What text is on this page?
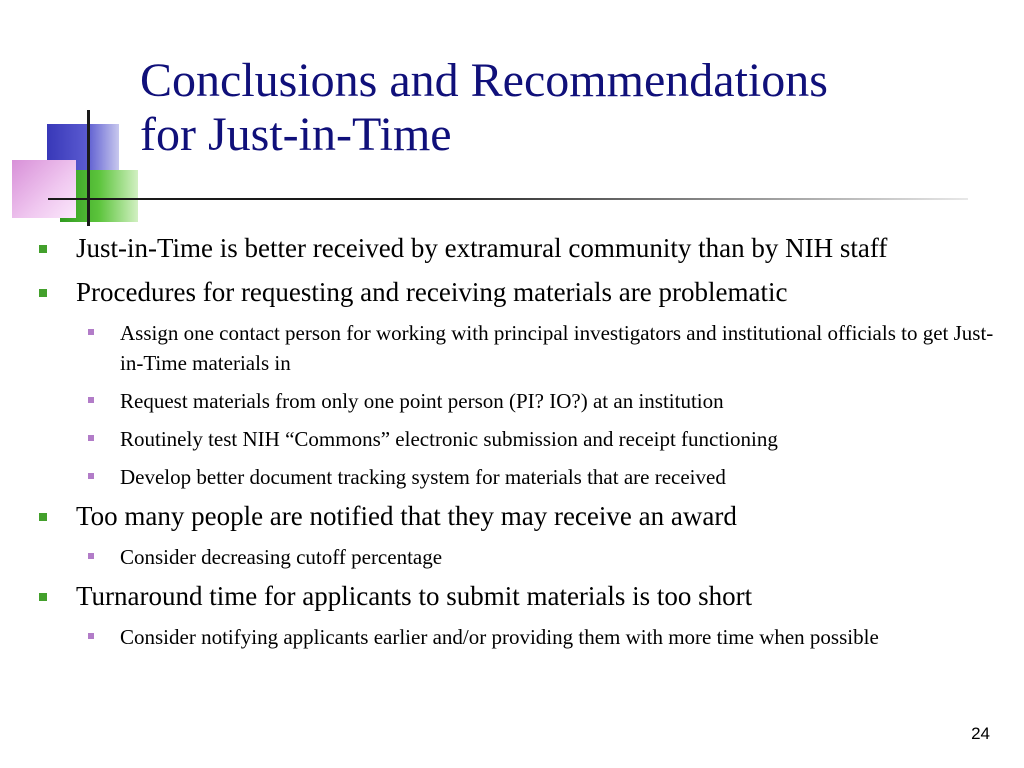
Conclusions and Recommendations
for Just-in-Time
Just-in-Time is better received by extramural community than by NIH staff
Procedures for requesting and receiving materials are problematic
Assign one contact person for working with principal investigators and institutional officials to get Just-in-Time materials in
Request materials from only one point person (PI? IO?) at an institution
Routinely test NIH “Commons” electronic submission and receipt functioning
Develop better document tracking system for materials that are received
Too many people are notified that they may receive an award
Consider decreasing cutoff percentage
Turnaround time for applicants to submit materials is too short
Consider notifying applicants earlier and/or providing them with more time when possible
24
